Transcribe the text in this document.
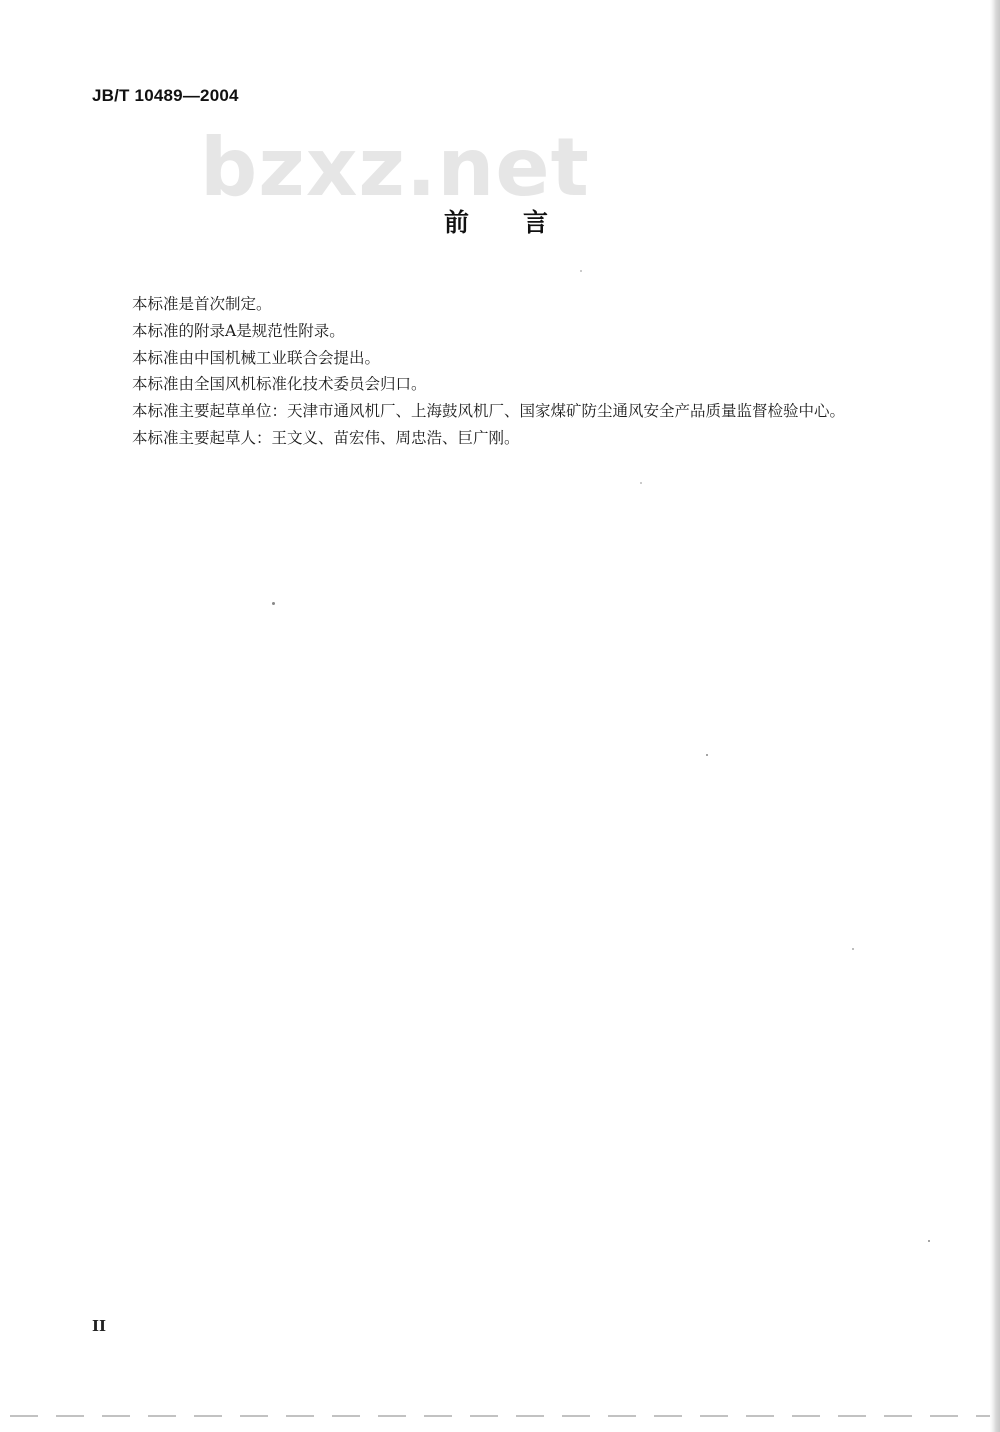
JB/T 10489—2004
bzxz.net
前言

本标准是首次制定。

本标准的附录A是规范性附录。

本标准由中国机械工业联合会提出。

本标准由全国风机标准化技术委员会归口。

本标准主要起草单位：天津市通风机厂、上海鼓风机厂、国家煤矿防尘通风安全产品质量监督检验中心。

本标准主要起草人：王文义、苗宏伟、周忠浩、巨广刚。

II
